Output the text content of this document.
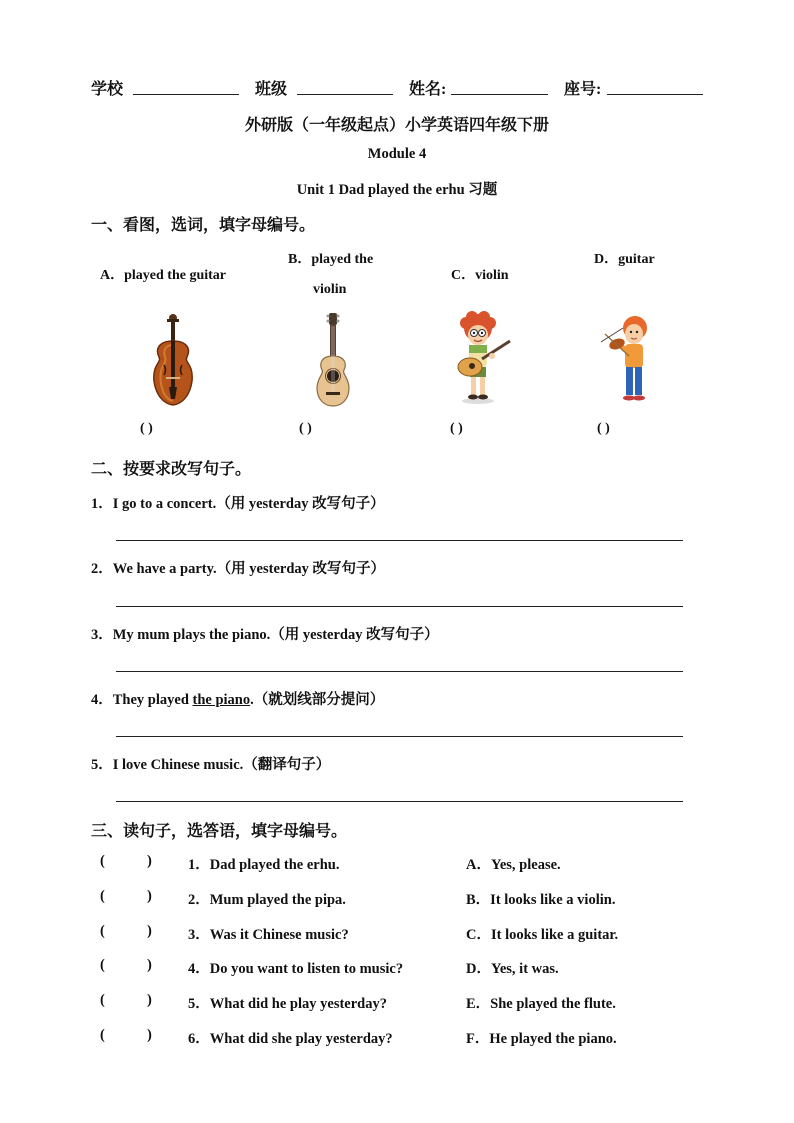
学校	班级	姓名:	座号:
外研版（一年级起点）小学英语四年级下册
Module 4
Unit 1 Dad played the erhu 习题
一、看图，选词，填字母编号。
A．played the guitar
B．played the
violin
C．violin
D．guitar
( )	( )	( )	( )
二、按要求改写句子。
1．I go to a concert.（用 yesterday 改写句子）
2．We have a party.（用 yesterday 改写句子）
3．My mum plays the piano.（用 yesterday 改写句子）
4．They played the piano.（就划线部分提问）
5．I love Chinese music.（翻译句子）
三、读句子，选答语，填字母编号。
(	) 1．Dad played the erhu.	A．Yes, please.
(	) 2．Mum played the pipa.	B．It looks like a violin.
(	) 3．Was it Chinese music?	C．It looks like a guitar.
(	) 4．Do you want to listen to music?	D．Yes, it was.
(	) 5．What did he play yesterday?	E．She played the flute.
(	) 6．What did she play yesterday?	F．He played the piano.
